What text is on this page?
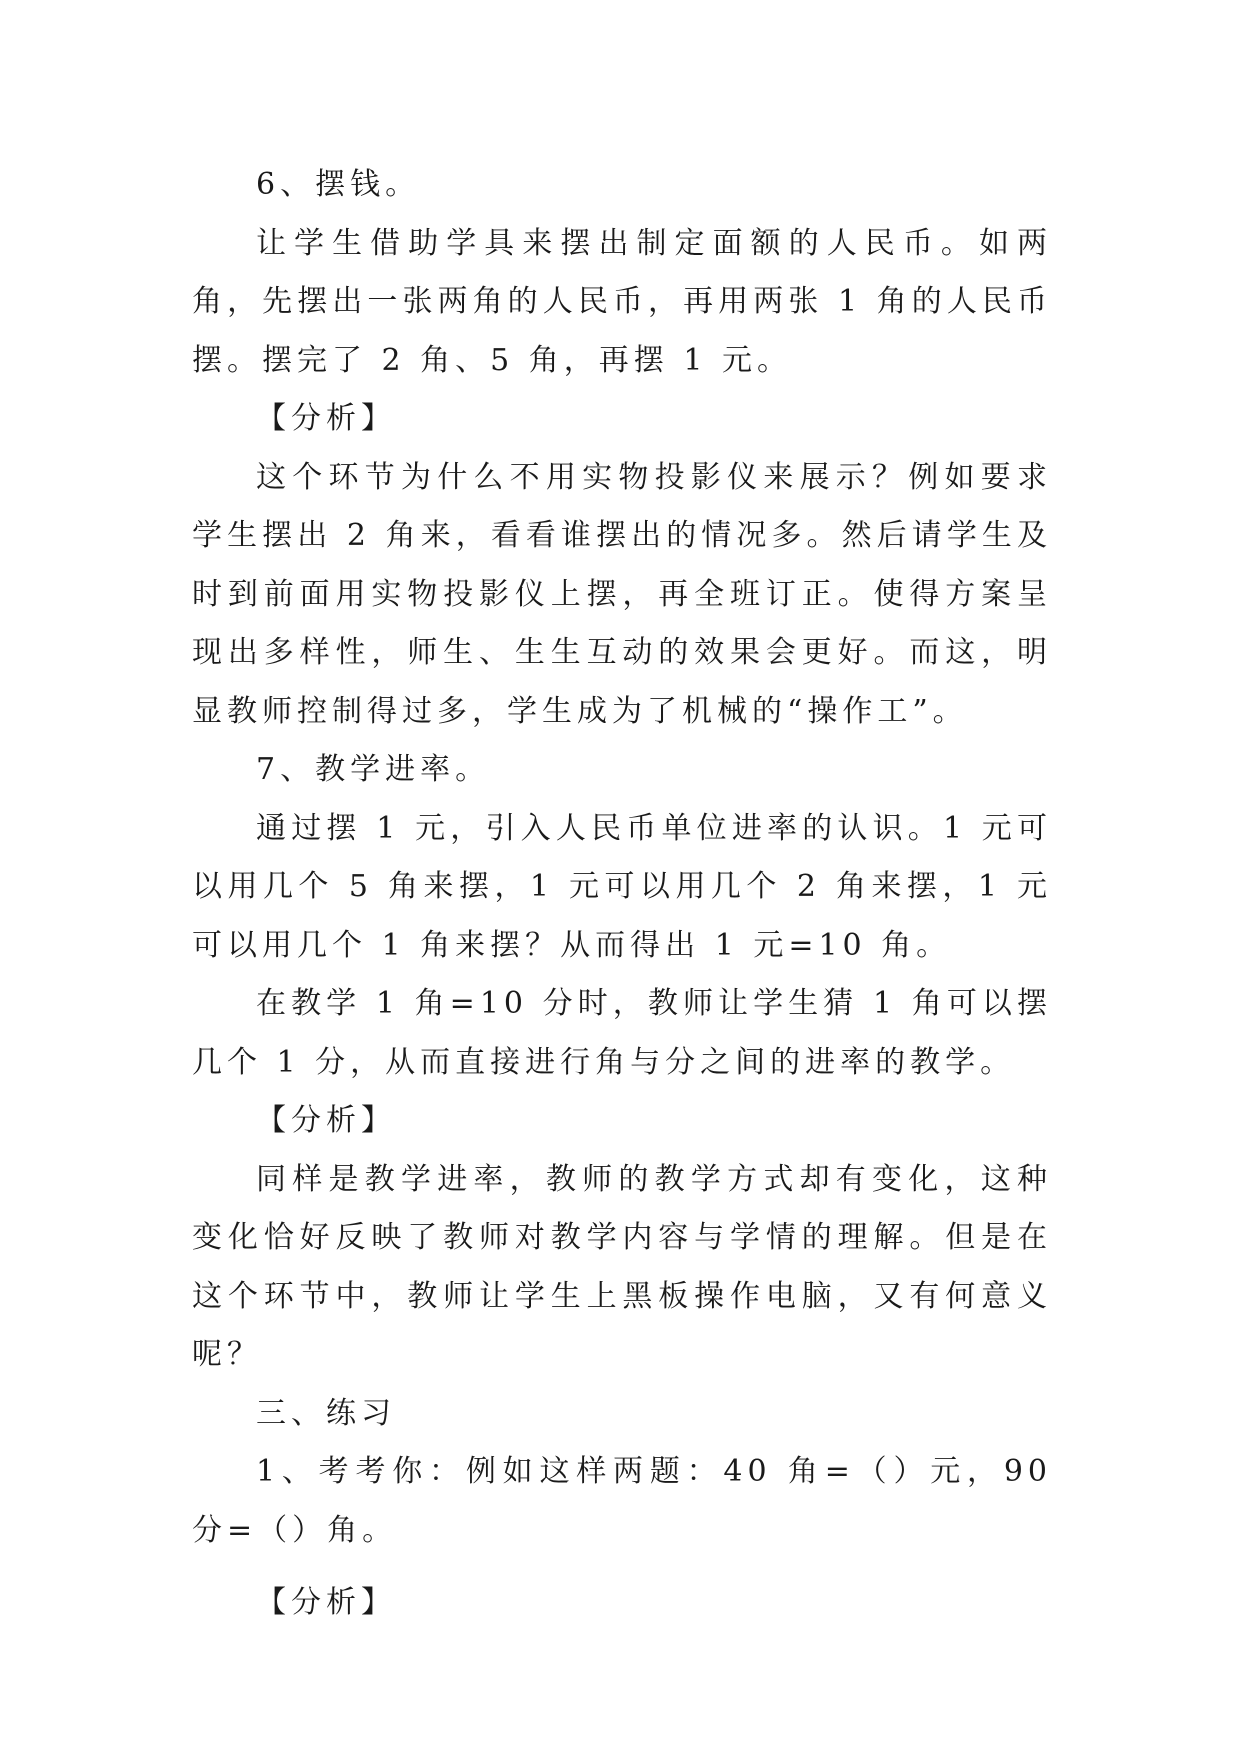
6、摆钱。

让学生借助学具来摆出制定面额的人民币。如两角，先摆出一张两角的人民币，再用两张 1 角的人民币摆。摆完了 2 角、5 角，再摆 1 元。

【分析】

这个环节为什么不用实物投影仪来展示？例如要求学生摆出 2 角来，看看谁摆出的情况多。然后请学生及时到前面用实物投影仪上摆，再全班订正。使得方案呈现出多样性，师生、生生互动的效果会更好。而这，明显教师控制得过多，学生成为了机械的“操作工”。

7、教学进率。

通过摆 1 元，引入人民币单位进率的认识。1 元可以用几个 5 角来摆，1 元可以用几个 2 角来摆，1 元可以用几个 1 角来摆？从而得出 1 元=10 角。

在教学 1 角=10 分时，教师让学生猜 1 角可以摆几个 1 分，从而直接进行角与分之间的进率的教学。

【分析】

同样是教学进率，教师的教学方式却有变化，这种变化恰好反映了教师对教学内容与学情的理解。但是在这个环节中，教师让学生上黑板操作电脑，又有何意义呢？

三、练习

1、考考你：例如这样两题：40 角=（）元，90 分=（）角。

【分析】
